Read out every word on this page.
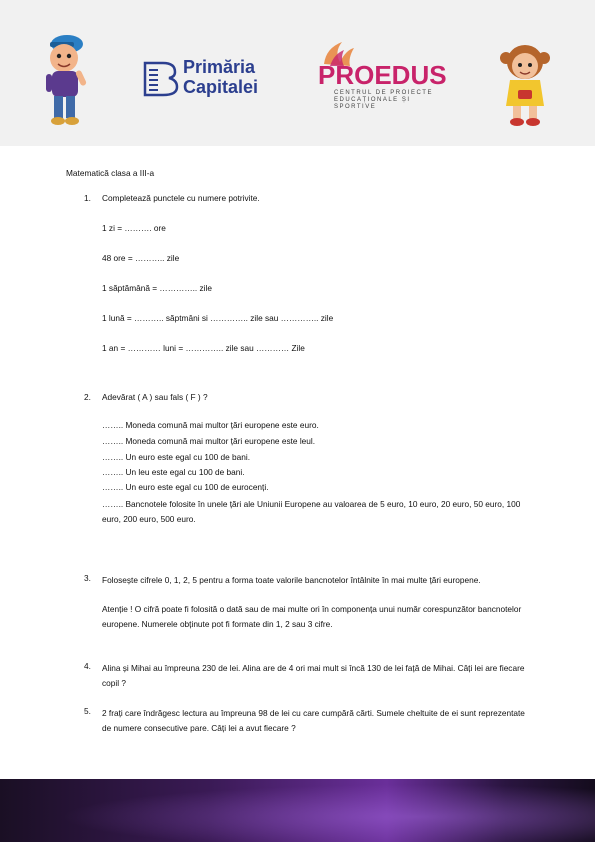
Primăria
Capitalei PROEDUS
CENTRUL DE PROIECTE
EDUCAȚIONALE ȘI SPORTIVE
Matematică clasa a III-a
1. Completează punctele cu numere potrivite.
1 zi = ………. ore
48 ore = ……….. zile
1 săptămână = ………….. zile
1 lună = ……….. săptmâni si ………….. zile sau ………….. zile
1 an = ………… luni = ………….. zile sau ………… Zile
2. Adevărat ( A ) sau fals ( F ) ?
…….. Moneda comună mai multor țări europene este euro.
…….. Moneda comună mai multor țări europene este leul.
…….. Un euro este egal cu 100 de bani.
…….. Un leu este egal cu 100 de bani.
…….. Un euro este egal cu 100 de eurocenți.
…….. Bancnotele folosite în unele țări ale Uniunii Europene au valoarea de 5 euro, 10 euro, 20 euro, 50 euro, 100 euro, 200 euro, 500 euro.
3. Folosește cifrele 0, 1, 2, 5 pentru a forma toate valorile bancnotelor întâlnite în mai multe țări europene.
Atenție ! O cifră poate fi folosită o dată sau de mai multe ori în componența unui număr corespunzător bancnotelor europene. Numerele obținute pot fi formate din 1, 2 sau 3 cifre.
4. Alina și Mihai au împreuna 230 de lei. Alina are de 4 ori mai mult si încă 130 de lei față de Mihai. Câți lei are fiecare copil ?
5. 2 frați care îndrăgesc lectura au împreuna 98 de lei cu care cumpără cărti. Sumele cheltuite de ei sunt reprezentate de numere consecutive pare. Câți lei a avut fiecare ?
